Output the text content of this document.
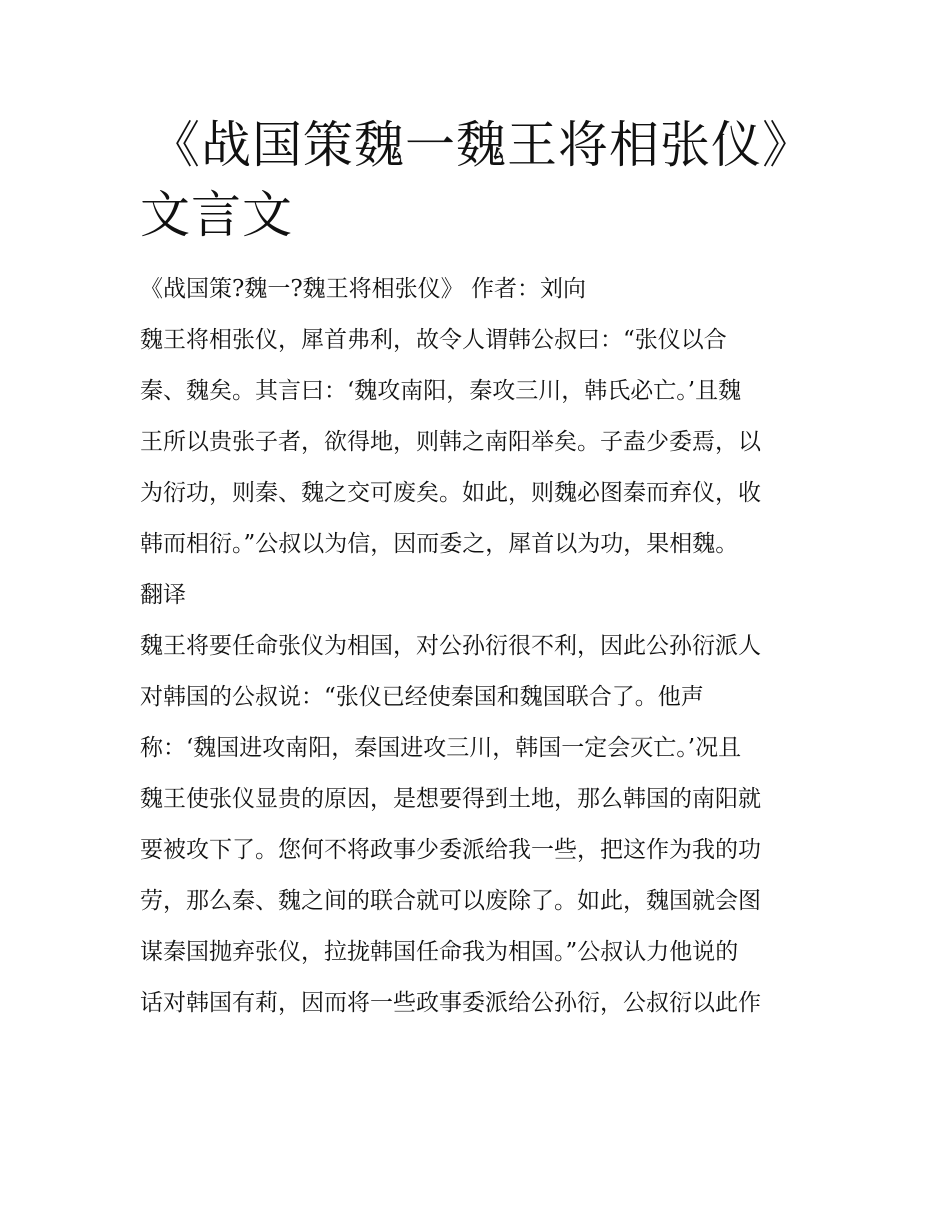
《战国策魏一魏王将相张仪》
文言文
《战国策?魏一?魏王将相张仪》 作者：刘向
魏王将相张仪，犀首弗利，故令人谓韩公叔曰：“张仪以合
秦、魏矣。其言曰：‘魏攻南阳，秦攻三川，韩氏必亡。’且魏
王所以贵张子者，欲得地，则韩之南阳举矣。子盍少委焉，以
为衍功，则秦、魏之交可废矣。如此，则魏必图秦而弃仪，收
韩而相衍。”公叔以为信，因而委之，犀首以为功，果相魏。
翻译
魏王将要任命张仪为相国，对公孙衍很不利，因此公孙衍派人
对韩国的公叔说：“张仪已经使秦国和魏国联合了。他声
称：‘魏国进攻南阳，秦国进攻三川，韩国一定会灭亡。’况且
魏王使张仪显贵的原因，是想要得到土地，那么韩国的南阳就
要被攻下了。您何不将政事少委派给我一些，把这作为我的功
劳，那么秦、魏之间的联合就可以废除了。如此，魏国就会图
谋秦国抛弃张仪，拉拢韩国任命我为相国。”公叔认力他说的
话对韩国有莉，因而将一些政事委派给公孙衍，公叔衍以此作
